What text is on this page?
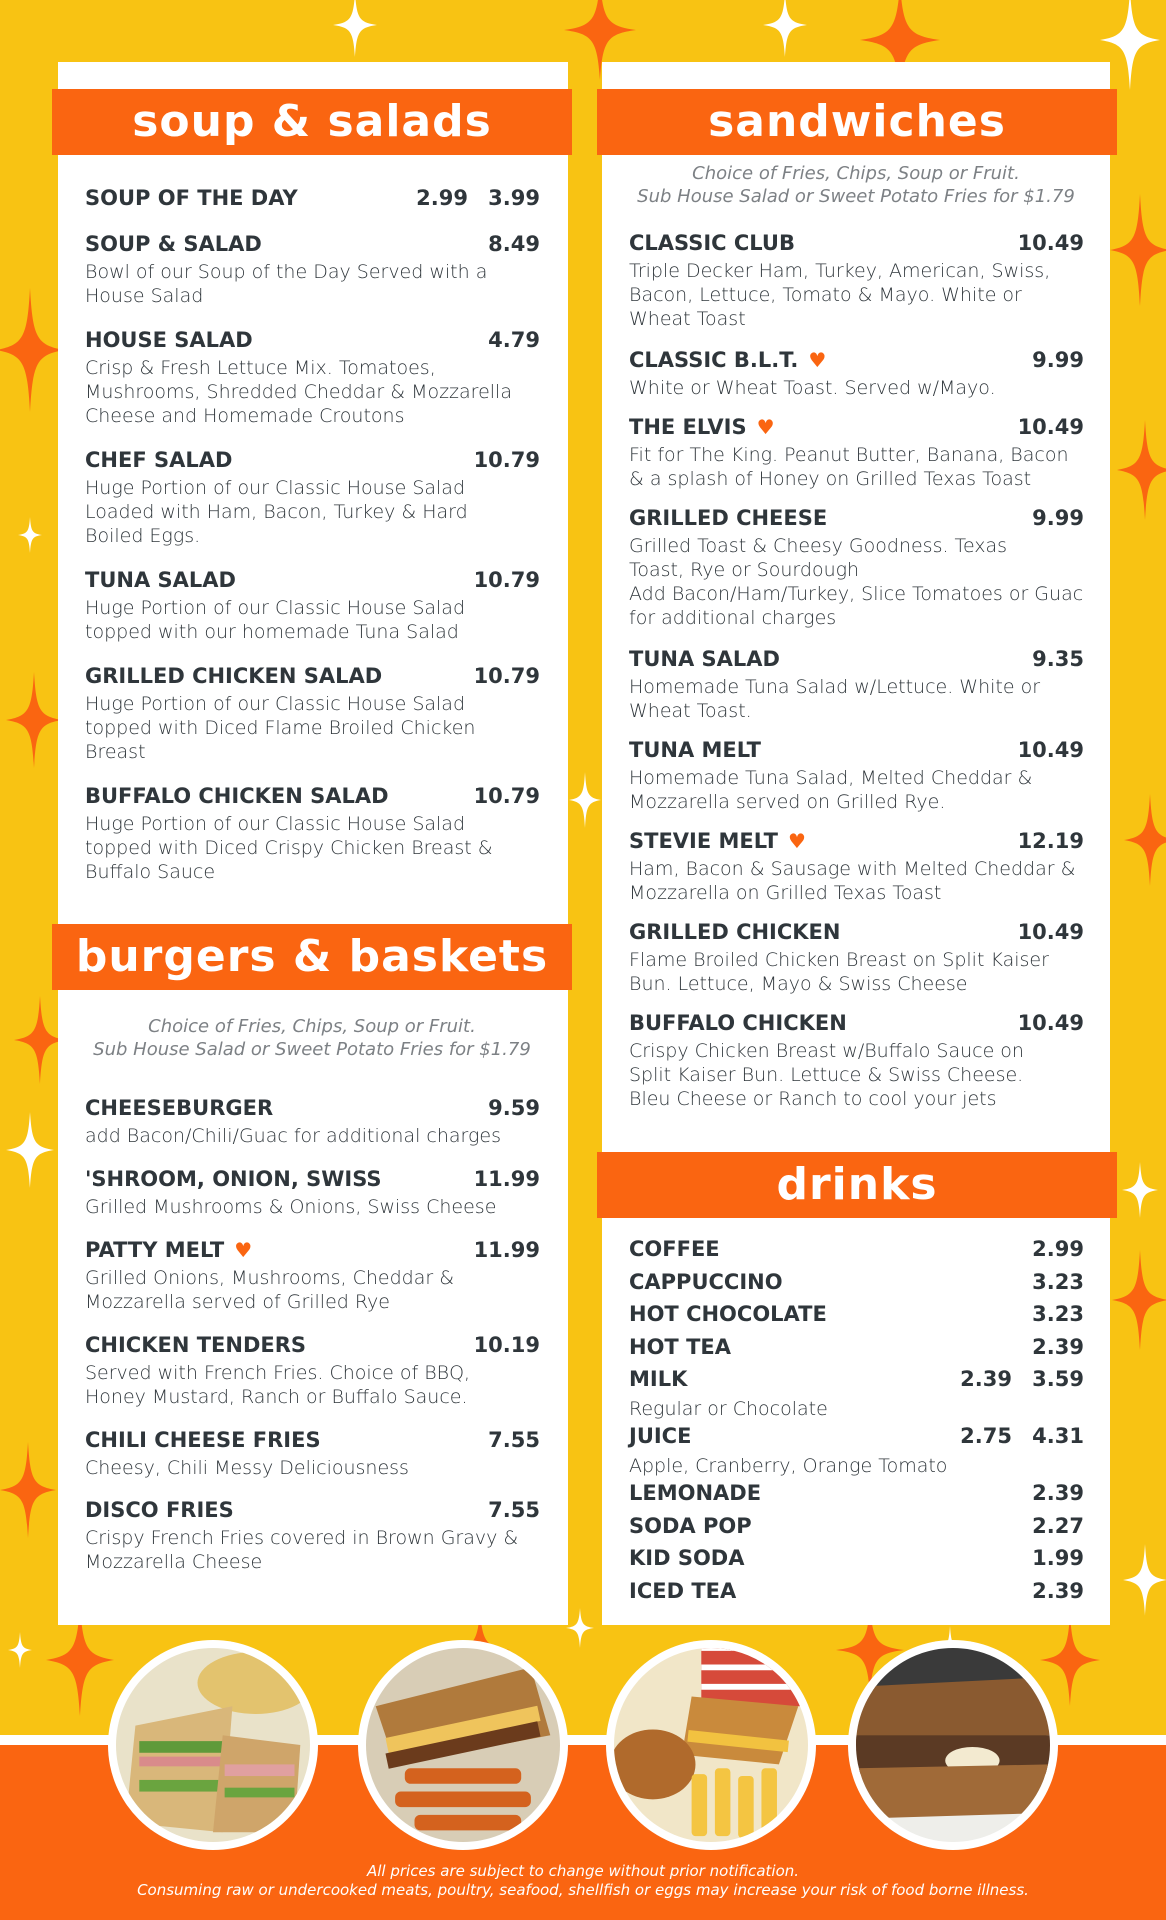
soup & salads
burgers & baskets
sandwiches
drinks
Choice of Fries, Chips, Soup or Fruit.
Sub House Salad or Sweet Potato Fries for $1.79
Choice of Fries, Chips, Soup or Fruit.
Sub House Salad or Sweet Potato Fries for $1.79
SOUP OF THE DAY	2.99 3.99
SOUP & SALAD	8.49
Bowl of our Soup of the Day Served with a House Salad
HOUSE SALAD	4.79
Crisp & Fresh Lettuce Mix. Tomatoes, Mushrooms, Shredded Cheddar & Mozzarella Cheese and Homemade Croutons
CHEF SALAD	10.79
Huge Portion of our Classic House Salad Loaded with Ham, Bacon, Turkey & Hard Boiled Eggs.
TUNA SALAD	10.79
Huge Portion of our Classic House Salad topped with our homemade Tuna Salad
GRILLED CHICKEN SALAD	10.79
Huge Portion of our Classic House Salad topped with Diced Flame Broiled Chicken Breast
BUFFALO CHICKEN SALAD	10.79
Huge Portion of our Classic House Salad topped with Diced Crispy Chicken Breast & Buffalo Sauce
CHEESEBURGER	9.59
add Bacon/Chili/Guac for additional charges
'SHROOM, ONION, SWISS	11.99
Grilled Mushrooms & Onions, Swiss Cheese
PATTY MELT ♥	11.99
Grilled Onions, Mushrooms, Cheddar & Mozzarella served of Grilled Rye
CHICKEN TENDERS	10.19
Served with French Fries. Choice of BBQ, Honey Mustard, Ranch or Buffalo Sauce.
CHILI CHEESE FRIES	7.55
Cheesy, Chili Messy Deliciousness
DISCO FRIES	7.55
Crispy French Fries covered in Brown Gravy & Mozzarella Cheese
CLASSIC CLUB	10.49
Triple Decker Ham, Turkey, American, Swiss, Bacon, Lettuce, Tomato & Mayo. White or Wheat Toast
CLASSIC B.L.T. ♥	9.99
White or Wheat Toast. Served w/Mayo.
THE ELVIS ♥	10.49
Fit for The King. Peanut Butter, Banana, Bacon & a splash of Honey on Grilled Texas Toast
GRILLED CHEESE	9.99
Grilled Toast & Cheesy Goodness. Texas Toast, Rye or Sourdough
Add Bacon/Ham/Turkey, Slice Tomatoes or Guac for additional charges
TUNA SALAD	9.35
Homemade Tuna Salad w/Lettuce. White or Wheat Toast.
TUNA MELT	10.49
Homemade Tuna Salad, Melted Cheddar & Mozzarella served on Grilled Rye.
STEVIE MELT ♥	12.19
Ham, Bacon & Sausage with Melted Cheddar & Mozzarella on Grilled Texas Toast
GRILLED CHICKEN	10.49
Flame Broiled Chicken Breast on Split Kaiser Bun. Lettuce, Mayo & Swiss Cheese
BUFFALO CHICKEN	10.49
Crispy Chicken Breast w/Buffalo Sauce on Split Kaiser Bun. Lettuce & Swiss Cheese. Bleu Cheese or Ranch to cool your jets
COFFEE	2.99
CAPPUCCINO	3.23
HOT CHOCOLATE	3.23
HOT TEA	2.39
MILK	2.39 3.59
Regular or Chocolate
JUICE	2.75 4.31
Apple, Cranberry, Orange Tomato
LEMONADE	2.39
SODA POP	2.27
KID SODA	1.99
ICED TEA	2.39
All prices are subject to change without prior notification.
Consuming raw or undercooked meats, poultry, seafood, shellfish or eggs may increase your risk of food borne illness.
